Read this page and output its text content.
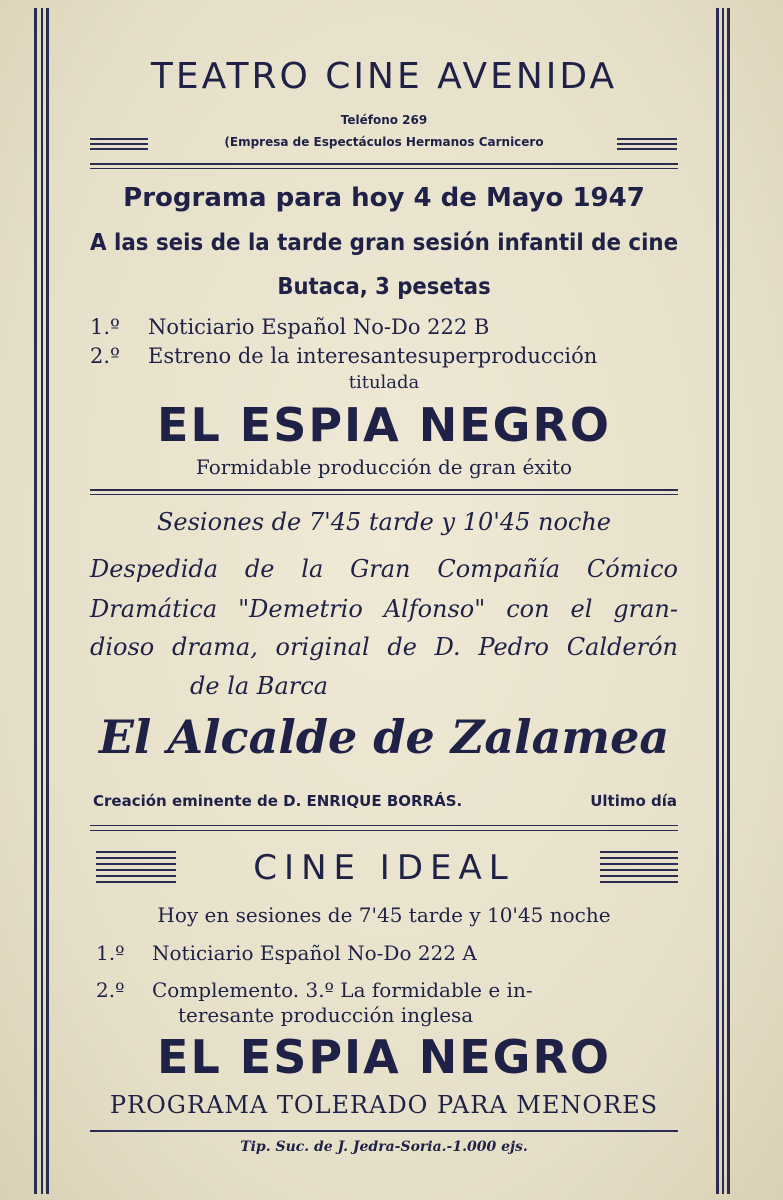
TEATRO CINE AVENIDA
Teléfono 269
(Empresa de Espectáculos Hermanos Carnicero
Programa para hoy 4 de Mayo 1947
A las seis de la tarde gran sesión infantil de cine
Butaca, 3 pesetas
1.º Noticiario Español No-Do 222 B
2.º Estreno de la interesantesuperproducción
titulada
EL ESPIA NEGRO
Formidable producción de gran éxito
Sesiones de 7'45 tarde y 10'45 noche
Despedida de la Gran Compañía Cómico
Dramática "Demetrio Alfonso" con el gran-
dioso drama, original de D. Pedro Calderón
de la Barca
El Alcalde de Zalamea
Creación eminente de D. ENRIQUE BORRÁS.	Ultimo día
CINE IDEAL
Hoy en sesiones de 7'45 tarde y 10'45 noche
1.º Noticiario Español No-Do 222 A
2.º Complemento. 3.º La formidable e in-
teresante producción inglesa
EL ESPIA NEGRO
PROGRAMA TOLERADO PARA MENORES
Tip. Suc. de J. Jedra-Soria.-1.000 ejs.
